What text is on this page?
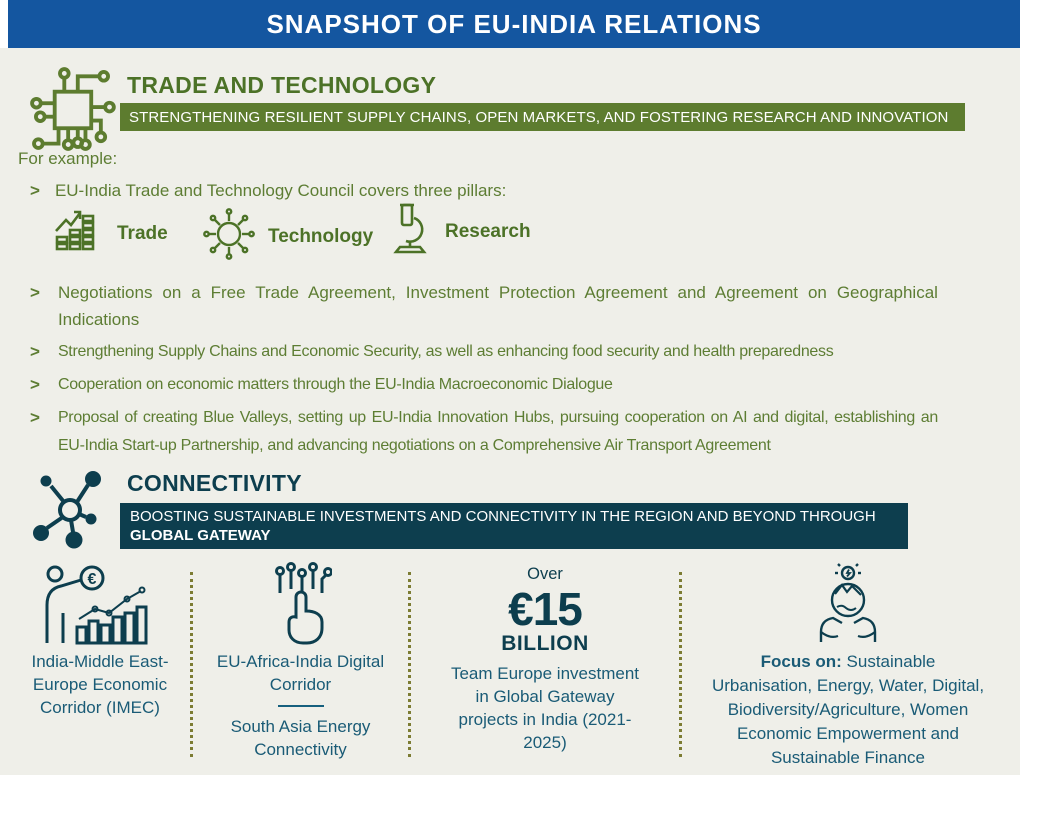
SNAPSHOT OF EU-INDIA RELATIONS
TRADE AND TECHNOLOGY
STRENGTHENING RESILIENT SUPPLY CHAINS, OPEN MARKETS, AND FOSTERING RESEARCH AND INNOVATION
For example:
> EU-India Trade and Technology Council covers three pillars:
Trade	Technology	Research
> Negotiations on a Free Trade Agreement, Investment Protection Agreement and Agreement on Geographical Indications
> Strengthening Supply Chains and Economic Security, as well as enhancing food security and health preparedness
> Cooperation on economic matters through the EU-India Macroeconomic Dialogue
> Proposal of creating Blue Valleys, setting up EU-India Innovation Hubs, pursuing cooperation on AI and digital, establishing an EU-India Start-up Partnership, and advancing negotiations on a Comprehensive Air Transport Agreement
CONNECTIVITY
BOOSTING SUSTAINABLE INVESTMENTS AND CONNECTIVITY IN THE REGION AND BEYOND THROUGH
GLOBAL GATEWAY
€
India-Middle East-Europe Economic Corridor (IMEC)
EU-Africa-India Digital Corridor
South Asia Energy Connectivity
Over
€15
BILLION
Team Europe investment in Global Gateway projects in India (2021-2025)
Focus on: Sustainable Urbanisation, Energy, Water, Digital, Biodiversity/Agriculture, Women Economic Empowerment and Sustainable Finance
